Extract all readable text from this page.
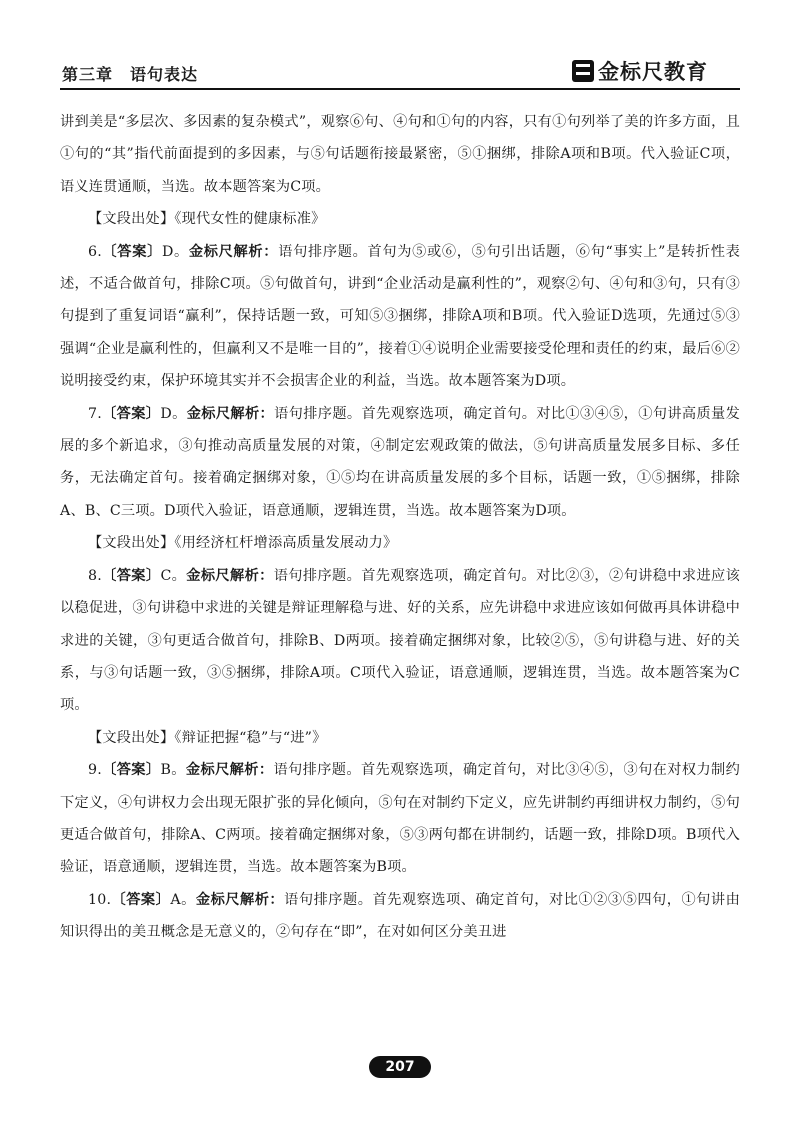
第三章　语句表达	金标尺教育

讲到美是“多层次、多因素的复杂模式”，观察⑥句、④句和①句的内容，只有①句列举了美的许多方面，且①句的“其”指代前面提到的多因素，与⑤句话题衔接最紧密，⑤①捆绑，排除A项和B项。代入验证C项，语义连贯通顺，当选。故本题答案为C项。

【文段出处】《现代女性的健康标准》

6.〔答案〕D。金标尺解析：语句排序题。首句为⑤或⑥，⑤句引出话题，⑥句“事实上”是转折性表述，不适合做首句，排除C项。⑤句做首句，讲到“企业活动是赢利性的”，观察②句、④句和③句，只有③句提到了重复词语“赢利”，保持话题一致，可知⑤③捆绑，排除A项和B项。代入验证D选项，先通过⑤③强调“企业是赢利性的，但赢利又不是唯一目的”，接着①④说明企业需要接受伦理和责任的约束，最后⑥②说明接受约束，保护环境其实并不会损害企业的利益，当选。故本题答案为D项。

7.〔答案〕D。金标尺解析：语句排序题。首先观察选项，确定首句。对比①③④⑤，①句讲高质量发展的多个新追求，③句推动高质量发展的对策，④制定宏观政策的做法，⑤句讲高质量发展多目标、多任务，无法确定首句。接着确定捆绑对象，①⑤均在讲高质量发展的多个目标，话题一致，①⑤捆绑，排除A、B、C三项。D项代入验证，语意通顺，逻辑连贯，当选。故本题答案为D项。

【文段出处】《用经济杠杆增添高质量发展动力》

8.〔答案〕C。金标尺解析：语句排序题。首先观察选项，确定首句。对比②③，②句讲稳中求进应该以稳促进，③句讲稳中求进的关键是辩证理解稳与进、好的关系，应先讲稳中求进应该如何做再具体讲稳中求进的关键，③句更适合做首句，排除B、D两项。接着确定捆绑对象，比较②⑤，⑤句讲稳与进、好的关系，与③句话题一致，③⑤捆绑，排除A项。C项代入验证，语意通顺，逻辑连贯，当选。故本题答案为C项。

【文段出处】《辩证把握“稳”与“进”》

9.〔答案〕B。金标尺解析：语句排序题。首先观察选项，确定首句，对比③④⑤，③句在对权力制约下定义，④句讲权力会出现无限扩张的异化倾向，⑤句在对制约下定义，应先讲制约再细讲权力制约，⑤句更适合做首句，排除A、C两项。接着确定捆绑对象，⑤③两句都在讲制约，话题一致，排除D项。B项代入验证，语意通顺，逻辑连贯，当选。故本题答案为B项。

10.〔答案〕A。金标尺解析：语句排序题。首先观察选项、确定首句，对比①②③⑤四句，①句讲由知识得出的美丑概念是无意义的，②句存在“即”，在对如何区分美丑进

207
